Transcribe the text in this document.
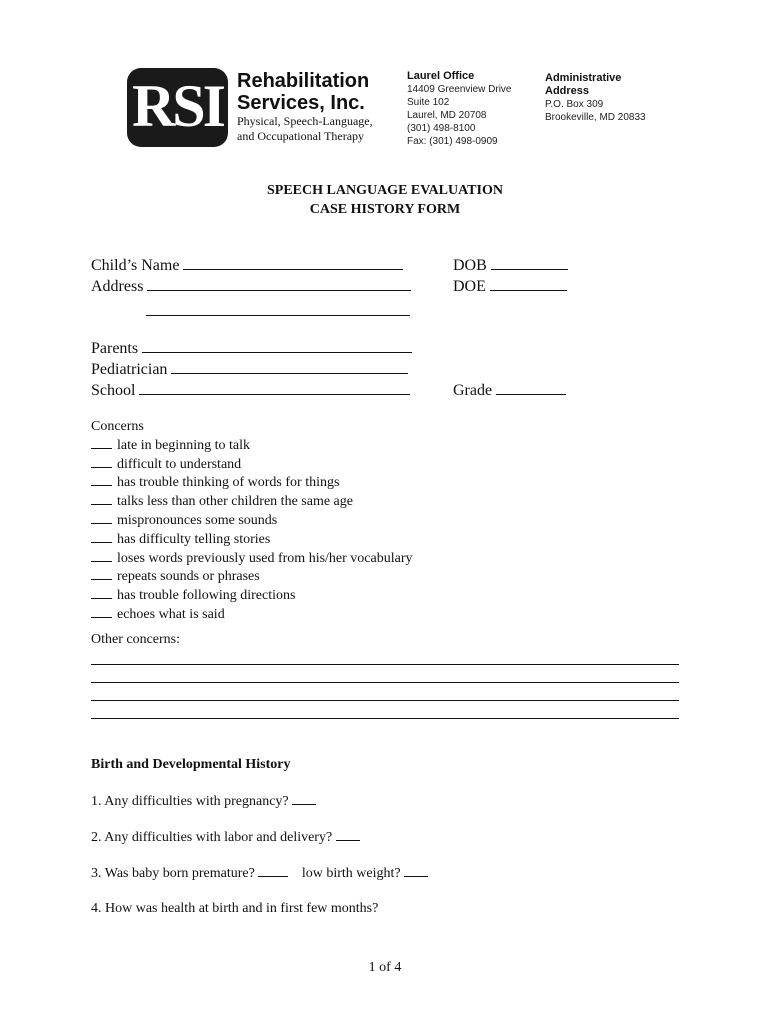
RSI Rehabilitation
Services, Inc.
Physical, Speech-Language,
and Occupational Therapy
Laurel Office
14409 Greenview Drive
Suite 102
Laurel, MD 20708
(301) 498-8100
Fax: (301) 498-0909
Administrative
Address
P.O. Box 309
Brookeville, MD 20833
SPEECH LANGUAGE EVALUATION
CASE HISTORY FORM
Child’s Name	DOB
Address	DOE
Parents
Pediatrician
School	Grade
Concerns
late in beginning to talk
difficult to understand
has trouble thinking of words for things
talks less than other children the same age
mispronounces some sounds
has difficulty telling stories
loses words previously used from his/her vocabulary
repeats sounds or phrases
has trouble following directions
echoes what is said
Other concerns:
Birth and Developmental History
1. Any difficulties with pregnancy?
2. Any difficulties with labor and delivery?
3. Was baby born premature?	low birth weight?
4. How was health at birth and in first few months?
1 of 4
